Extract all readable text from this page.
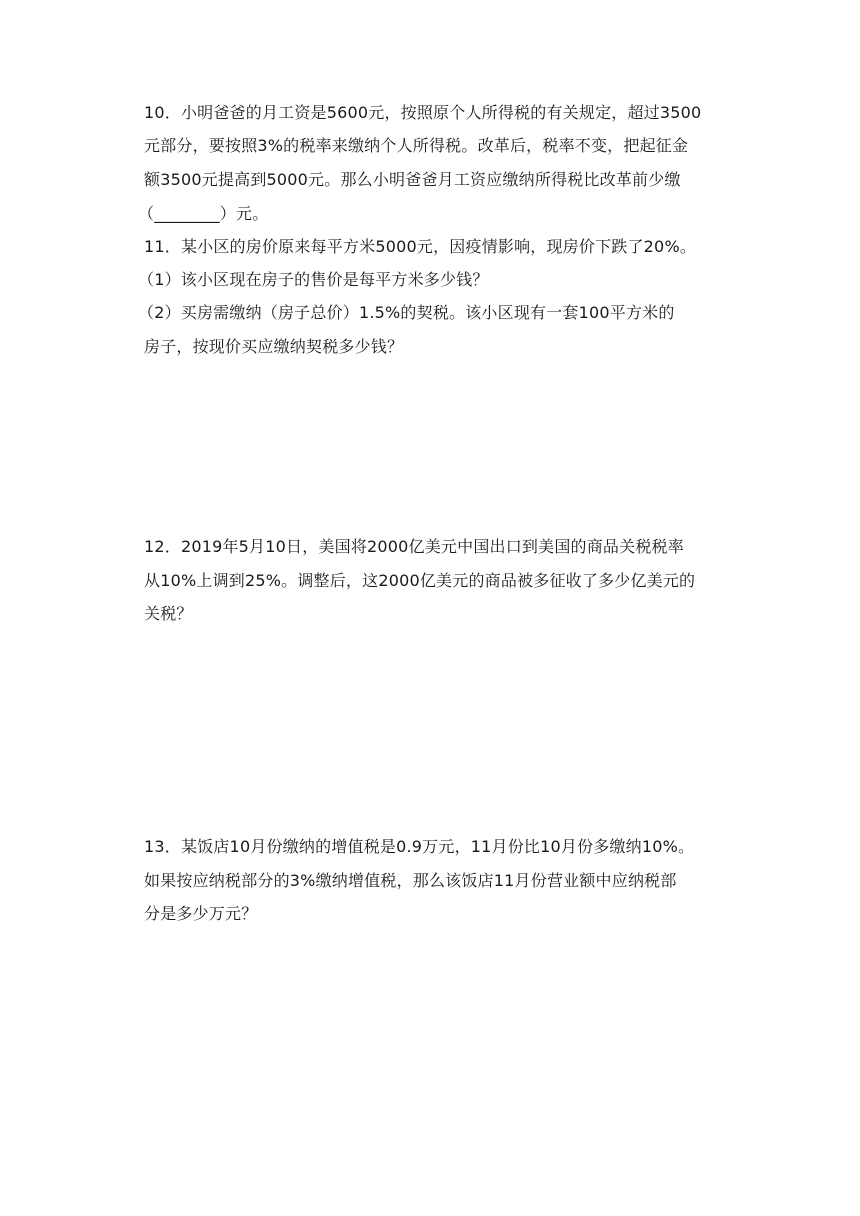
10．小明爸爸的月工资是5600元，按照原个人所得税的有关规定，超过3500
元部分，要按照3%的税率来缴纳个人所得税。改革后，税率不变，把起征金
额3500元提高到5000元。那么小明爸爸月工资应缴纳所得税比改革前少缴
（________）元。
11．某小区的房价原来每平方米5000元，因疫情影响，现房价下跌了20%。
（1）该小区现在房子的售价是每平方米多少钱？
（2）买房需缴纳（房子总价）1.5%的契税。该小区现有一套100平方米的
房子，按现价买应缴纳契税多少钱？
12．2019年5月10日，美国将2000亿美元中国出口到美国的商品关税税率
从10%上调到25%。调整后，这2000亿美元的商品被多征收了多少亿美元的
关税？
13．某饭店10月份缴纳的增值税是0.9万元，11月份比10月份多缴纳10%。
如果按应纳税部分的3%缴纳增值税，那么该饭店11月份营业额中应纳税部
分是多少万元？
